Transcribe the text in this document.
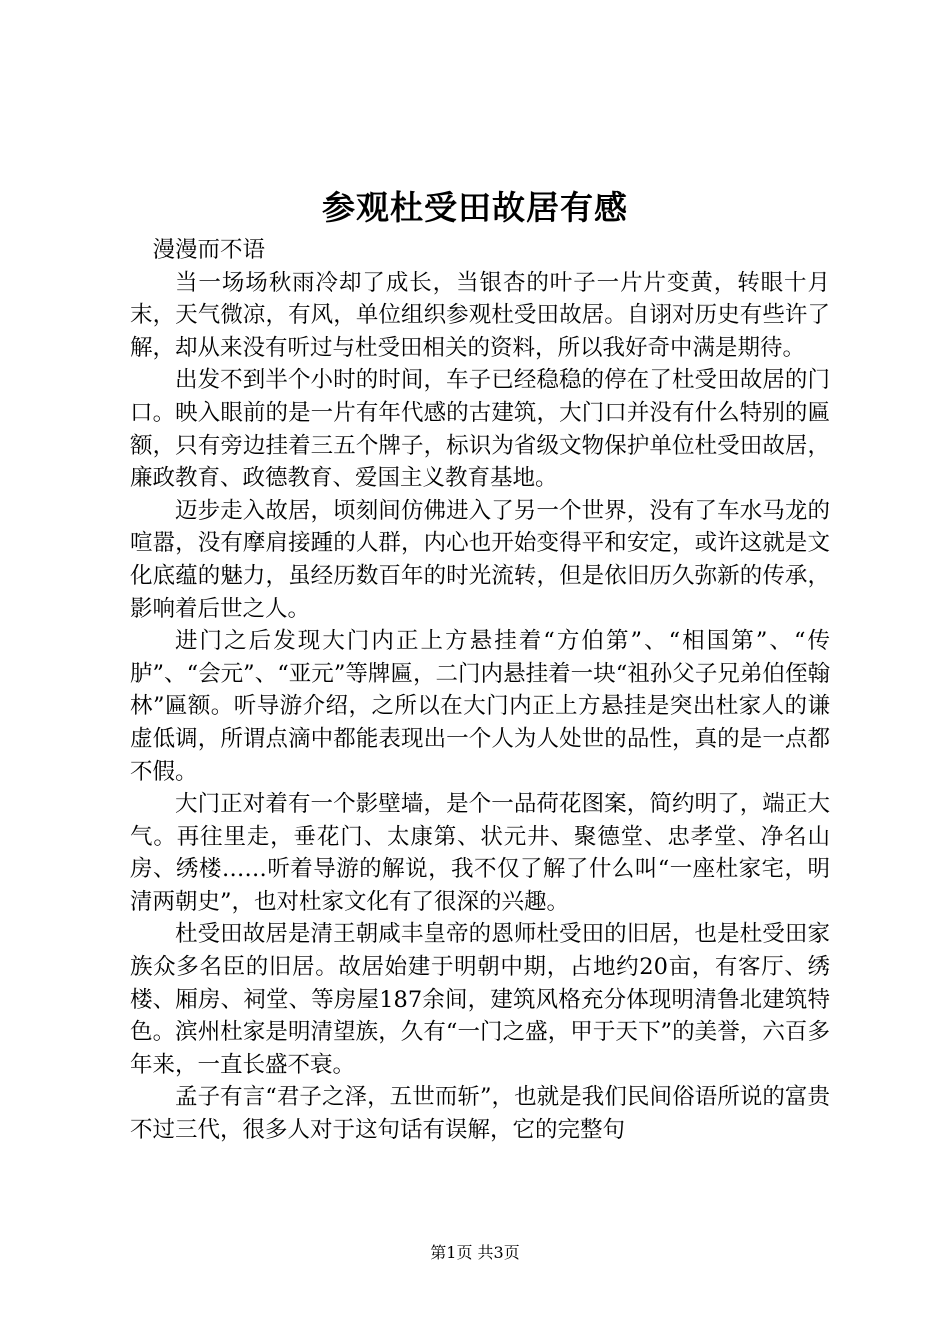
参观杜受田故居有感

漫漫而不语

当一场场秋雨冷却了成长，当银杏的叶子一片片变黄，转眼十月末，天气微凉，有风，单位组织参观杜受田故居。自诩对历史有些许了解，却从来没有听过与杜受田相关的资料，所以我好奇中满是期待。

出发不到半个小时的时间，车子已经稳稳的停在了杜受田故居的门口。映入眼前的是一片有年代感的古建筑，大门口并没有什么特别的匾额，只有旁边挂着三五个牌子，标识为省级文物保护单位杜受田故居，廉政教育、政德教育、爱国主义教育基地。

迈步走入故居，顷刻间仿佛进入了另一个世界，没有了车水马龙的喧嚣，没有摩肩接踵的人群，内心也开始变得平和安定，或许这就是文化底蕴的魅力，虽经历数百年的时光流转，但是依旧历久弥新的传承，影响着后世之人。

进门之后发现大门内正上方悬挂着“方伯第”、“相国第”、“传胪”、“会元”、“亚元”等牌匾，二门内悬挂着一块“祖孙父子兄弟伯侄翰林”匾额。听导游介绍，之所以在大门内正上方悬挂是突出杜家人的谦虚低调，所谓点滴中都能表现出一个人为人处世的品性，真的是一点都不假。

大门正对着有一个影壁墙，是个一品荷花图案，简约明了，端正大气。再往里走，垂花门、太康第、状元井、聚德堂、忠孝堂、净名山房、绣楼……听着导游的解说，我不仅了解了什么叫“一座杜家宅，明清两朝史”，也对杜家文化有了很深的兴趣。

杜受田故居是清王朝咸丰皇帝的恩师杜受田的旧居，也是杜受田家族众多名臣的旧居。故居始建于明朝中期，占地约20亩，有客厅、绣楼、厢房、祠堂、等房屋187余间，建筑风格充分体现明清鲁北建筑特色。滨州杜家是明清望族，久有“一门之盛，甲于天下”的美誉，六百多年来，一直长盛不衰。

孟子有言“君子之泽，五世而斩”，也就是我们民间俗语所说的富贵不过三代，很多人对于这句话有误解，它的完整句

第1页 共3页
